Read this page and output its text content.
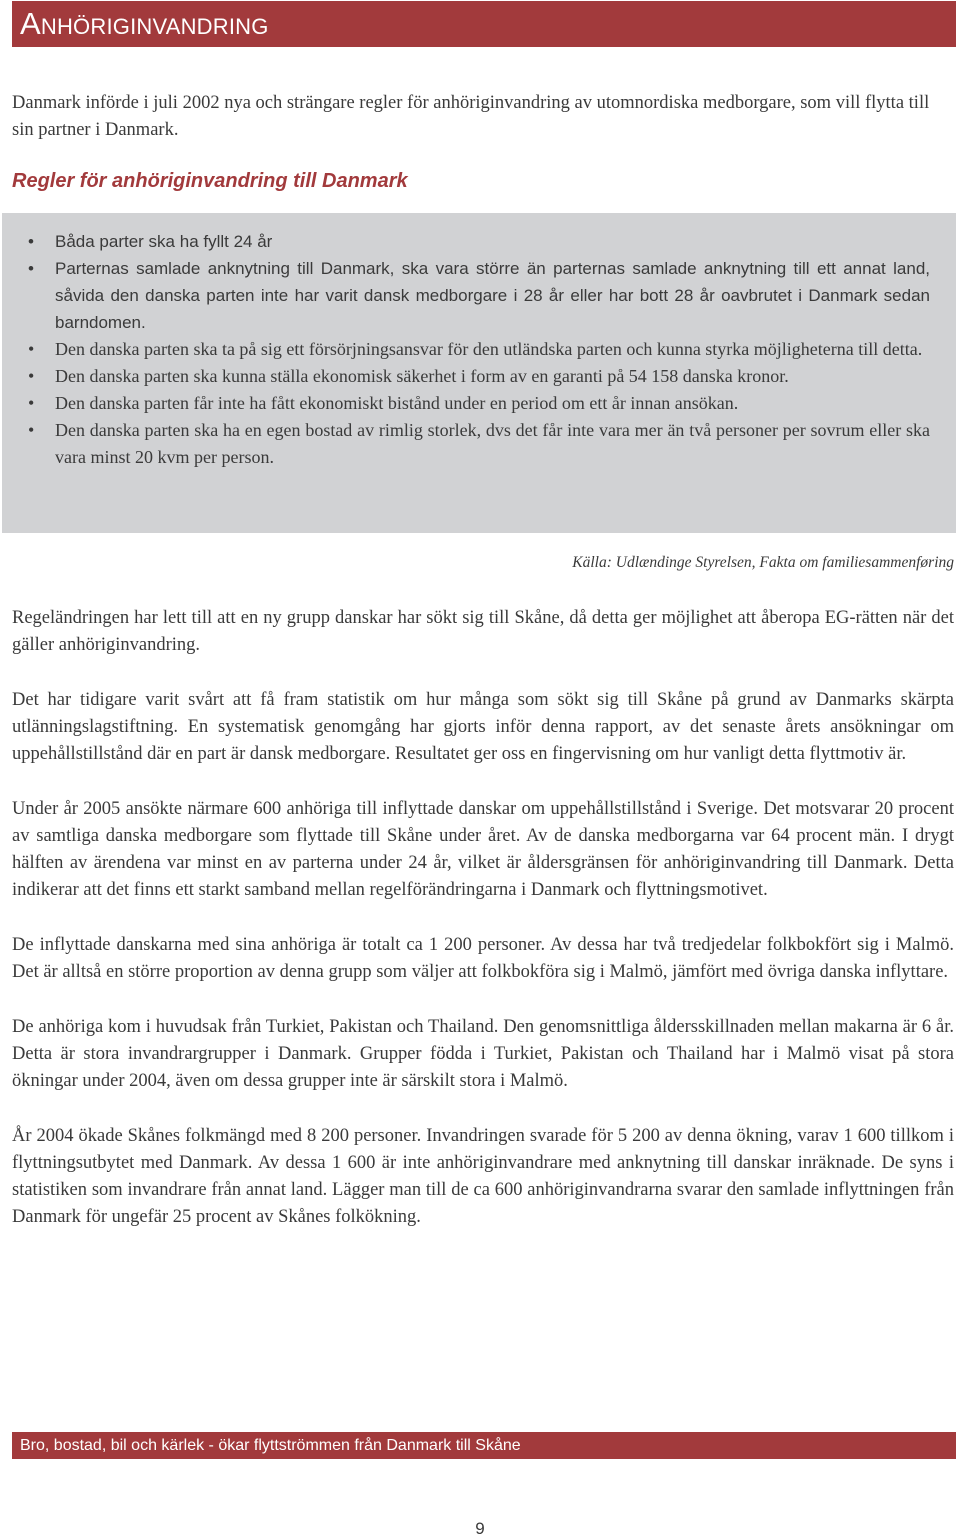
Anhöriginvandring

Danmark införde i juli 2002 nya och strängare regler för anhöriginvandring av utomnordiska medborgare, som vill flytta till sin partner i Danmark.

Regler för anhöriginvandring till Danmark
• Båda parter ska ha fyllt 24 år
• Parternas samlade anknytning till Danmark, ska vara större än parternas samlade anknytning till ett annat land, såvida den danska parten inte har varit dansk medborgare i 28 år eller har bott 28 år oavbrutet i Danmark sedan barndomen.
• Den danska parten ska ta på sig ett försörjningsansvar för den utländska parten och kunna styrka möjligheterna till detta.
• Den danska parten ska kunna ställa ekonomisk säkerhet i form av en garanti på 54 158 danska kronor.
• Den danska parten får inte ha fått ekonomiskt bistånd under en period om ett år innan ansökan.
• Den danska parten ska ha en egen bostad av rimlig storlek, dvs det får inte vara mer än två personer per sovrum eller ska vara minst 20 kvm per person.

Källa: Udlændinge Styrelsen, Fakta om familiesammenføring

Regeländringen har lett till att en ny grupp danskar har sökt sig till Skåne, då detta ger möjlighet att åberopa EG-rätten när det gäller anhöriginvandring.

Det har tidigare varit svårt att få fram statistik om hur många som sökt sig till Skåne på grund av Danmarks skärpta utlänningslagstiftning. En systematisk genomgång har gjorts inför denna rapport, av det senaste årets ansökningar om uppehållstillstånd där en part är dansk medborgare. Resultatet ger oss en fingervisning om hur vanligt detta flyttmotiv är.

Under år 2005 ansökte närmare 600 anhöriga till inflyttade danskar om uppehållstillstånd i Sverige. Det motsvarar 20 procent av samtliga danska medborgare som flyttade till Skåne under året. Av de danska medborgarna var 64 procent män. I drygt hälften av ärendena var minst en av parterna under 24 år, vilket är åldersgränsen för anhöriginvandring till Danmark. Detta indikerar att det finns ett starkt samband mellan regelförändringarna i Danmark och flyttningsmotivet.

De inflyttade danskarna med sina anhöriga är totalt ca 1 200 personer. Av dessa har två tredjedelar folkbokfört sig i Malmö. Det är alltså en större proportion av denna grupp som väljer att folkbokföra sig i Malmö, jämfört med övriga danska inflyttare.

De anhöriga kom i huvudsak från Turkiet, Pakistan och Thailand. Den genomsnittliga åldersskillnaden mellan makarna är 6 år. Detta är stora invandrargrupper i Danmark. Grupper födda i Turkiet, Pakistan och Thailand har i Malmö visat på stora ökningar under 2004, även om dessa grupper inte är särskilt stora i Malmö.

År 2004 ökade Skånes folkmängd med 8 200 personer. Invandringen svarade för 5 200 av denna ökning, varav 1 600 tillkom i flyttningsutbytet med Danmark. Av dessa 1 600 är inte anhöriginvandrare med anknytning till danskar inräknade. De syns i statistiken som invandrare från annat land. Lägger man till de ca 600 anhöriginvandrarna svarar den samlade inflyttningen från Danmark för ungefär 25 procent av Skånes folkökning.

Bro, bostad, bil och kärlek - ökar flyttströmmen från Danmark till Skåne

9
